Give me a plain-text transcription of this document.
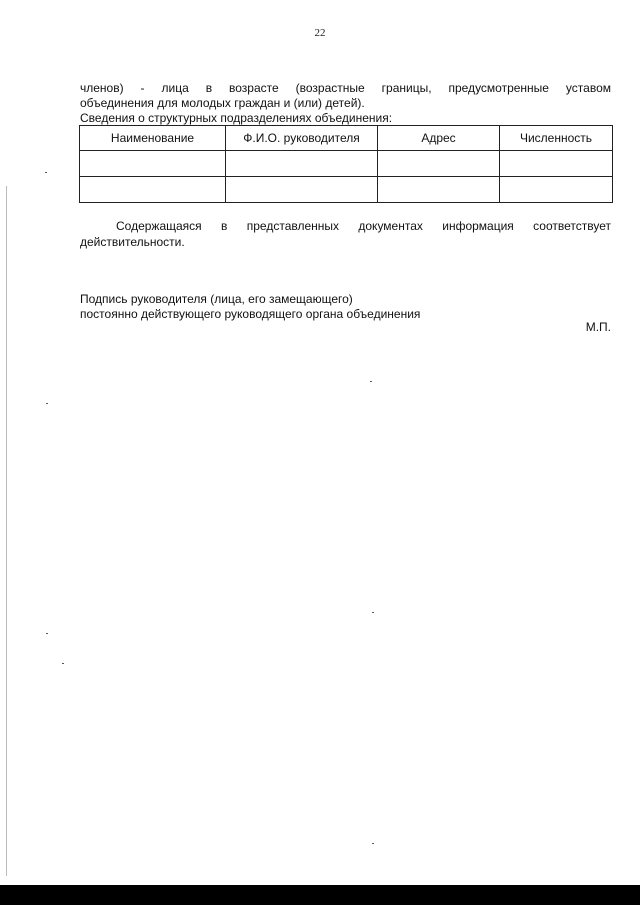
22
членов) - лица в возрасте (возрастные границы, предусмотренные уставом
объединения для молодых граждан и (или) детей).
Сведения о структурных подразделениях объединения:
Наименование	Ф.И.О. руководителя	Адрес	Численность

Содержащаяся в представленных документах информация соответствует
действительности.
Подпись руководителя (лица, его замещающего)
постоянно действующего руководящего органа объединения
М.П.
